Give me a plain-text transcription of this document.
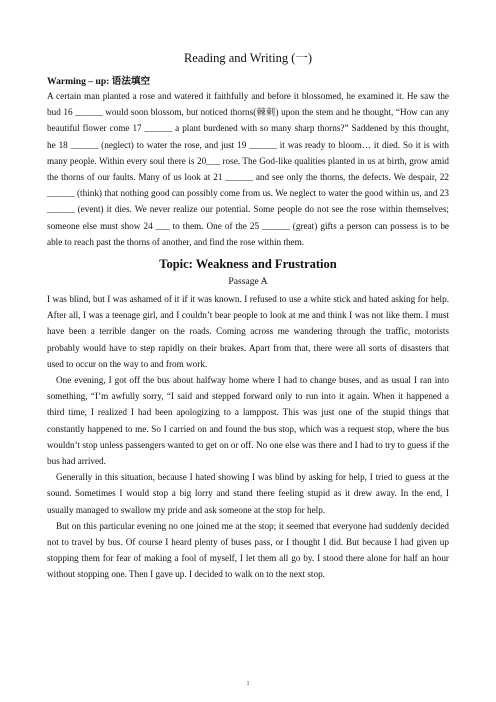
Reading and Writing (一)
Warming – up: 语法填空

A certain man planted a rose and watered it faithfully and before it blossomed, he examined it. He saw the bud 16 ______ would soon blossom, but noticed thorns(棘刺) upon the stem and he thought, “How can any beautiful flower come 17 ______ a plant burdened with so many sharp thorns?” Saddened by this thought, he 18 ______ (neglect) to water the rose, and just 19 ______ it was ready to bloom… it died. So it is with many people. Within every soul there is 20___ rose. The God-like qualities planted in us at birth, grow amid the thorns of our faults. Many of us look at 21 ______ and see only the thorns, the defects. We despair, 22 ______ (think) that nothing good can possibly come from us. We neglect to water the good within us, and 23 ______ (event) it dies. We never realize our potential. Some people do not see the rose within themselves; someone else must show 24 ___ to them. One of the 25 ______ (great) gifts a person can possess is to be able to reach past the thorns of another, and find the rose within them.

Topic: Weakness and Frustration
Passage A

I was blind, but I was ashamed of it if it was known. I refused to use a white stick and hated asking for help. After all, I was a teenage girl, and I couldn’t bear people to look at me and think I was not like them. I must have been a terrible danger on the roads. Coming across me wandering through the traffic, motorists probably would have to step rapidly on their brakes. Apart from that, there were all sorts of disasters that used to occur on the way to and from work.

One evening, I got off the bus about halfway home where I had to change buses, and as usual I ran into something, “I’m awfully sorry, “I said and stepped forward only to run into it again. When it happened a third time, I realized I had been apologizing to a lamppost. This was just one of the stupid things that constantly happened to me. So I carried on and found the bus stop, which was a request stop, where the bus wouldn’t stop unless passengers wanted to get on or off. No one else was there and I had to try to guess if the bus had arrived.

Generally in this situation, because I hated showing I was blind by asking for help, I tried to guess at the sound. Sometimes I would stop a big lorry and stand there feeling stupid as it drew away. In the end, I usually managed to swallow my pride and ask someone at the stop for help.

But on this particular evening no one joined me at the stop; it seemed that everyone had suddenly decided not to travel by bus. Of course I heard plenty of buses pass, or I thought I did. But because I had given up stopping them for fear of making a fool of myself, I let them all go by. I stood there alone for half an hour without stopping one. Then I gave up. I decided to walk on to the next stop.

1
